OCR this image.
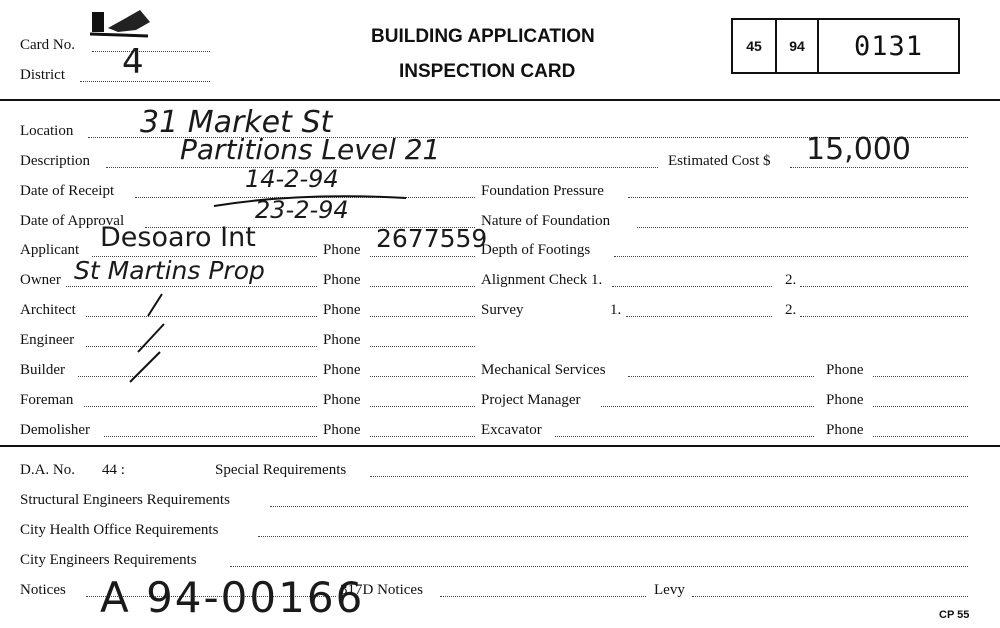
Card No.
District 4
BUILDING APPLICATION
INSPECTION CARD
45	94	0131
Location 31 Market St
Description	Partitions Level 21
Date of Receipt	14-2-94
Date of Approval	23-2-94
Applicant Desoaro Int	Phone 2677559
Owner St Martins Prop	Phone
Architect	Phone
Engineer	Phone
Builder	Phone
Foreman	Phone
Demolisher	Phone
Estimated Cost $ 15,000
Foundation Pressure
Nature of Foundation
Depth of Footings
Alignment Check 1.	2.
Survey	1.	2.
Mechanical Services	Phone
Project Manager	Phone
Excavator	Phone
D.A. No. 44 :	Special Requirements
Structural Engineers Requirements
City Health Office Requirements
City Engineers Requirements
Notices A 94-00166
317D Notices	Levy
CP 55
